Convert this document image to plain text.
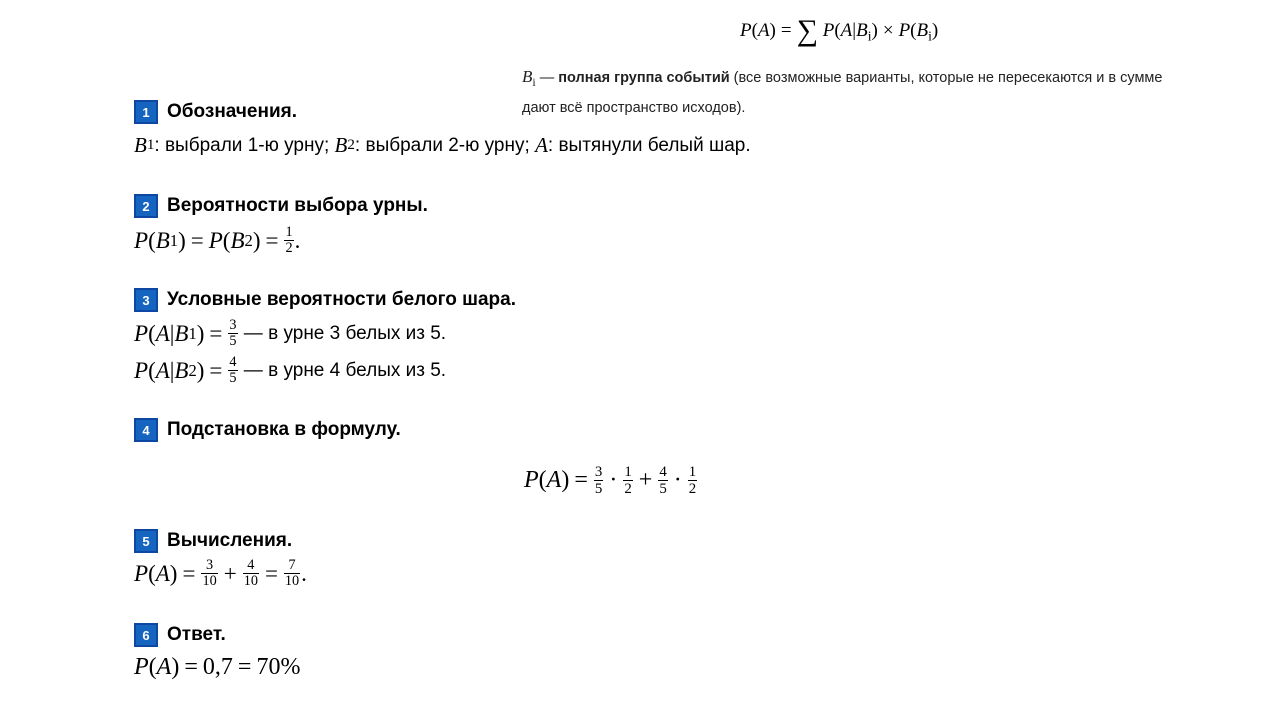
P(A) = ∑ $P(A|B_i) \times P(B_i)$
$B_i$ — полная группа событий (все возможные варианты, которые не пересекаются и в сумме
дают всё пространство исходов).
1 Обозначения.
B 1 : выбрали 1-ю урну; B 2 : выбрали 2-ю урну; A : вытянули белый шар.
2 Вероятности выбора урны.
P ( B 1 ) = P ( B 2 ) = $\frac{1}{2}$ .
3 Условные вероятности белого шара.
P ( A | B 1 ) = $\frac{3}{5}$ — в урне 3 белых из 5.
P ( A | B 2 ) = $\frac{4}{5}$ — в урне 4 белых из 5.
4 Подстановка в формулу.
P ( A ) = $\frac{3}{5} \cdot \frac{1}{2} + \frac{4}{5} \cdot \frac{1}{2}$
5 Вычисления.
P ( A ) = $\frac{3}{10} + \frac{4}{10} = \frac{7}{10}$ .
6 Ответ.
P ( A ) = 0,7 = 70%
